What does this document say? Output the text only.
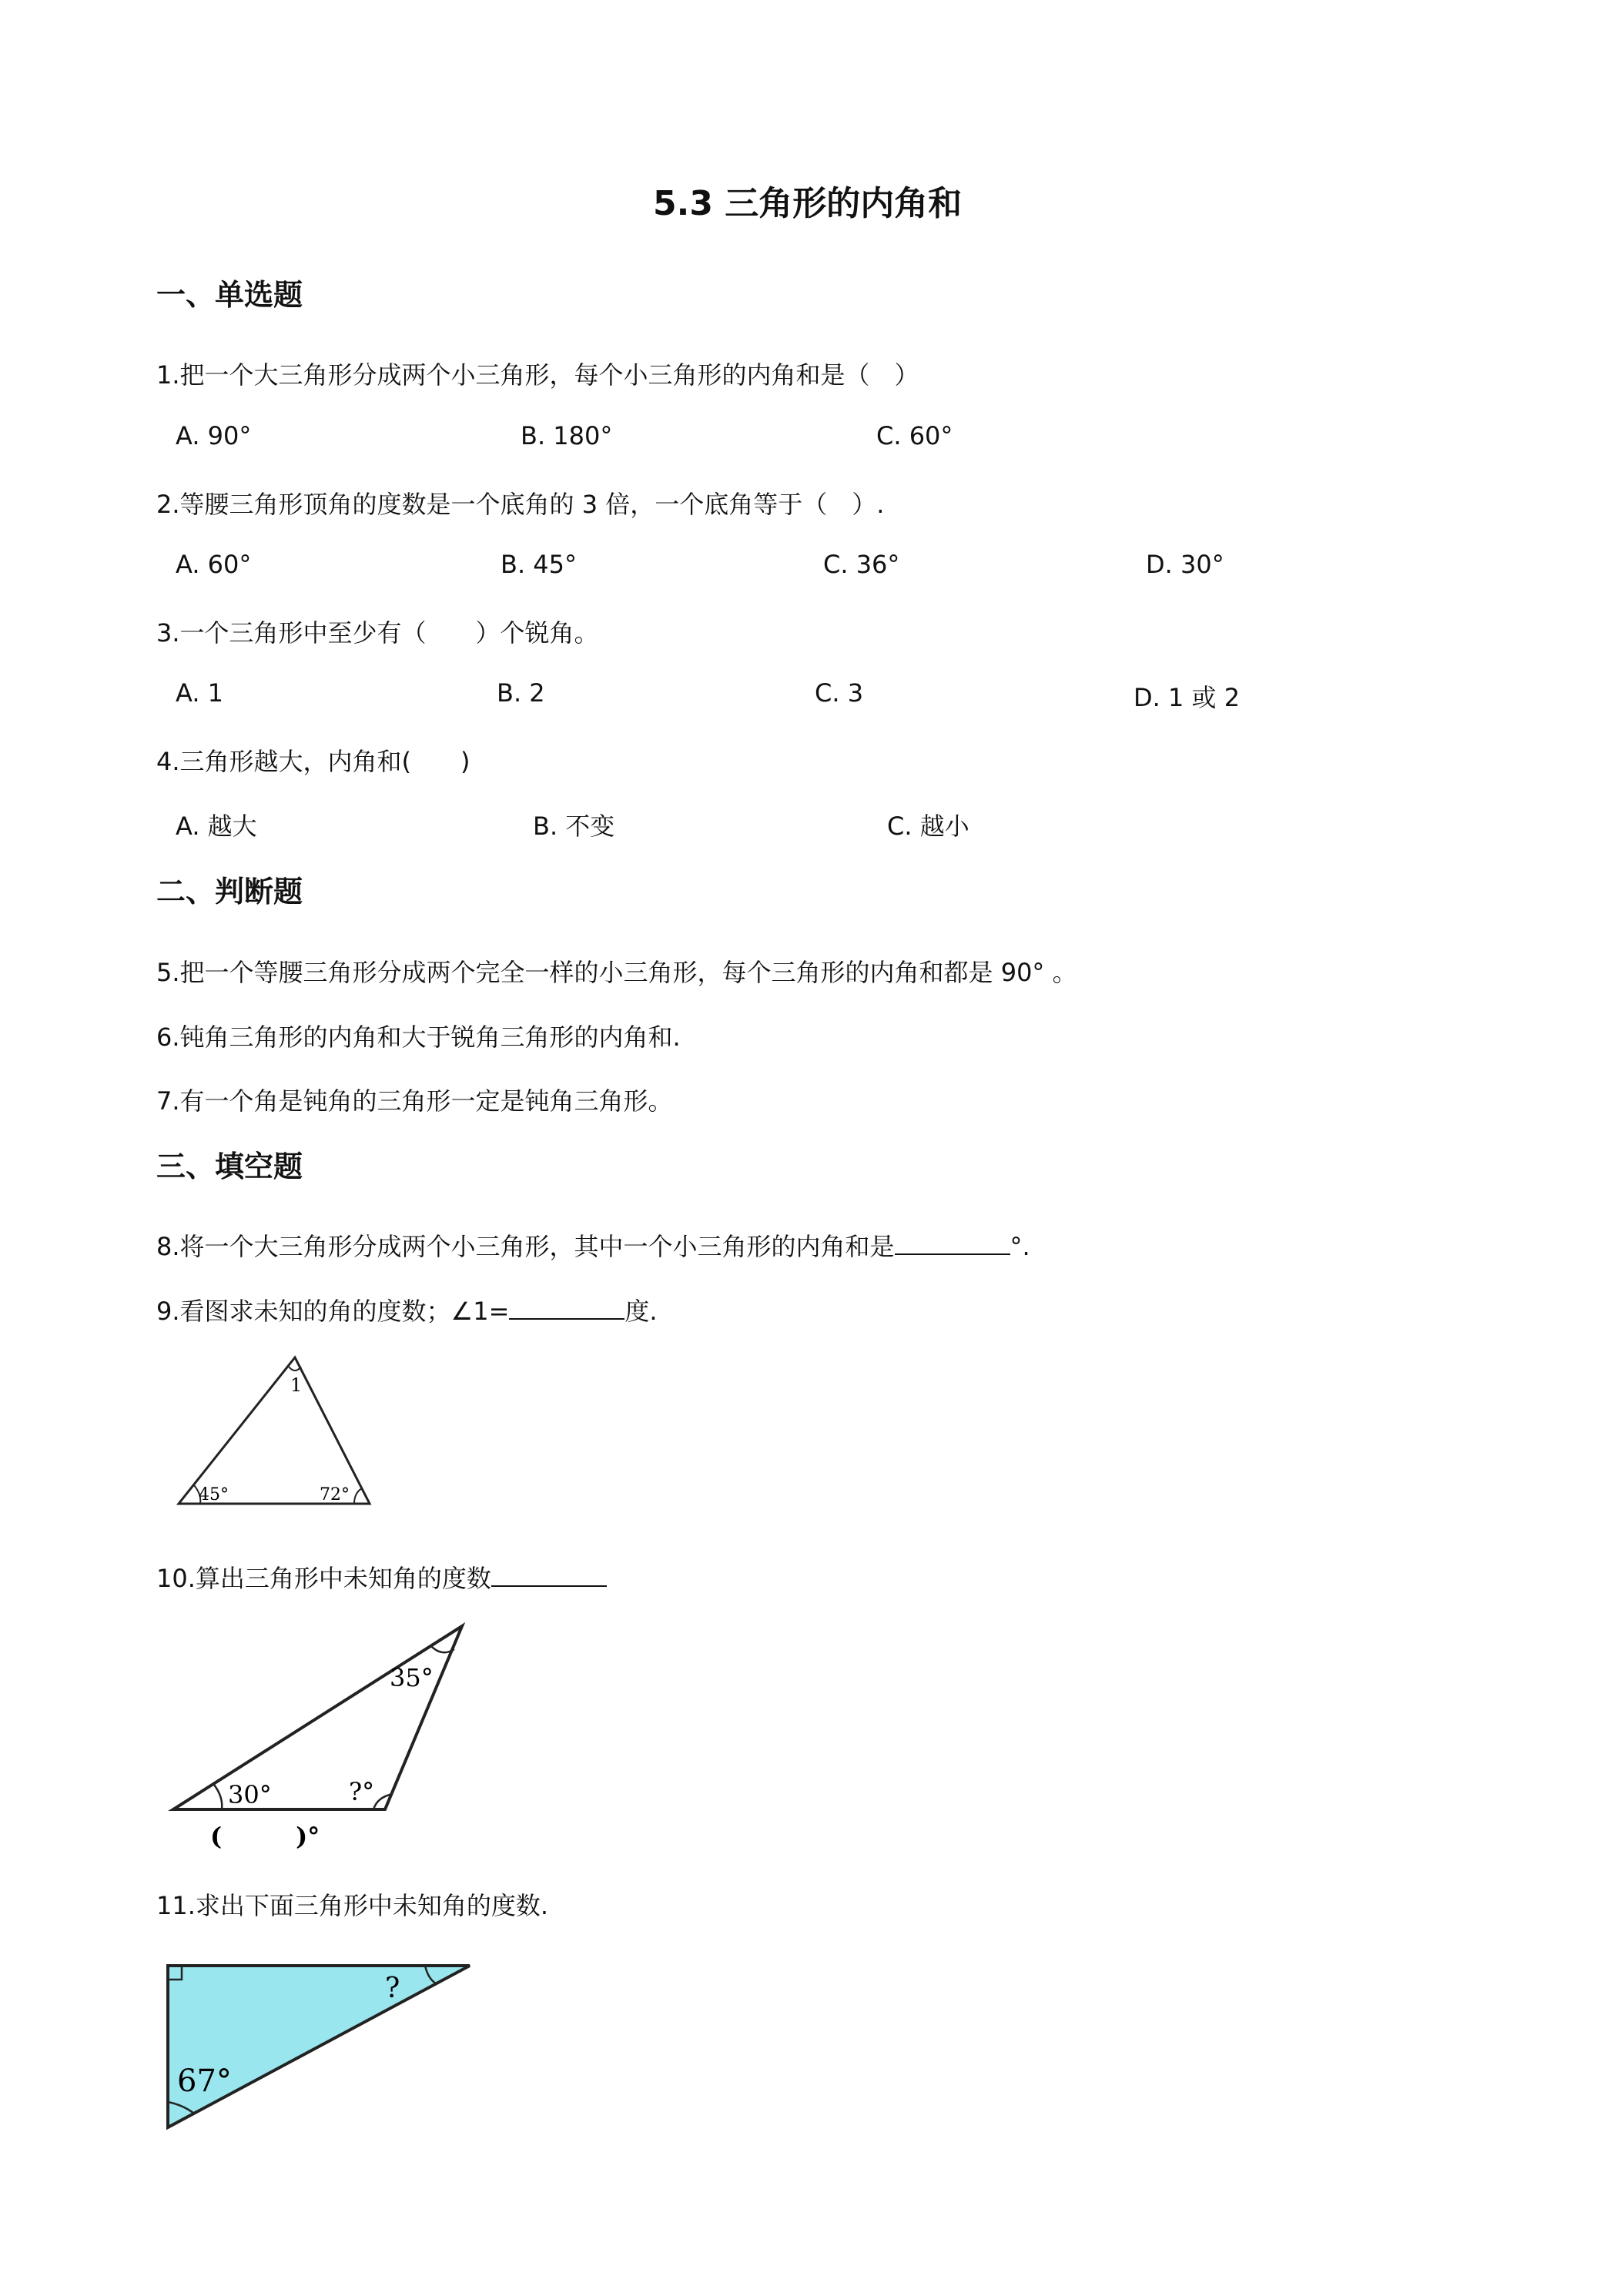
5.3 三角形的内角和
一、单选题
1.把一个大三角形分成两个小三角形，每个小三角形的内角和是（　）
A. 90°	B. 180°	C. 60°
2.等腰三角形顶角的度数是一个底角的 3 倍，一个底角等于（　）.
A. 60°	B. 45°	C. 36°	D. 30°
3.一个三角形中至少有（　　）个锐角。
A. 1	B. 2	C. 3	D. 1 或 2
4.三角形越大，内角和(　　)
A. 越大	B. 不变	C. 越小
二、判断题
5.把一个等腰三角形分成两个完全一样的小三角形，每个三角形的内角和都是 90° 。
6.钝角三角形的内角和大于锐角三角形的内角和.
7.有一个角是钝角的三角形一定是钝角三角形。
三、填空题
8.将一个大三角形分成两个小三角形，其中一个小三角形的内角和是	°.
9.看图求未知的角的度数；∠1=	度.
1
45°	72°
10.算出三角形中未知角的度数
35°
30°	?°
(　　　)°
11.求出下面三角形中未知角的度数.
?
67°
